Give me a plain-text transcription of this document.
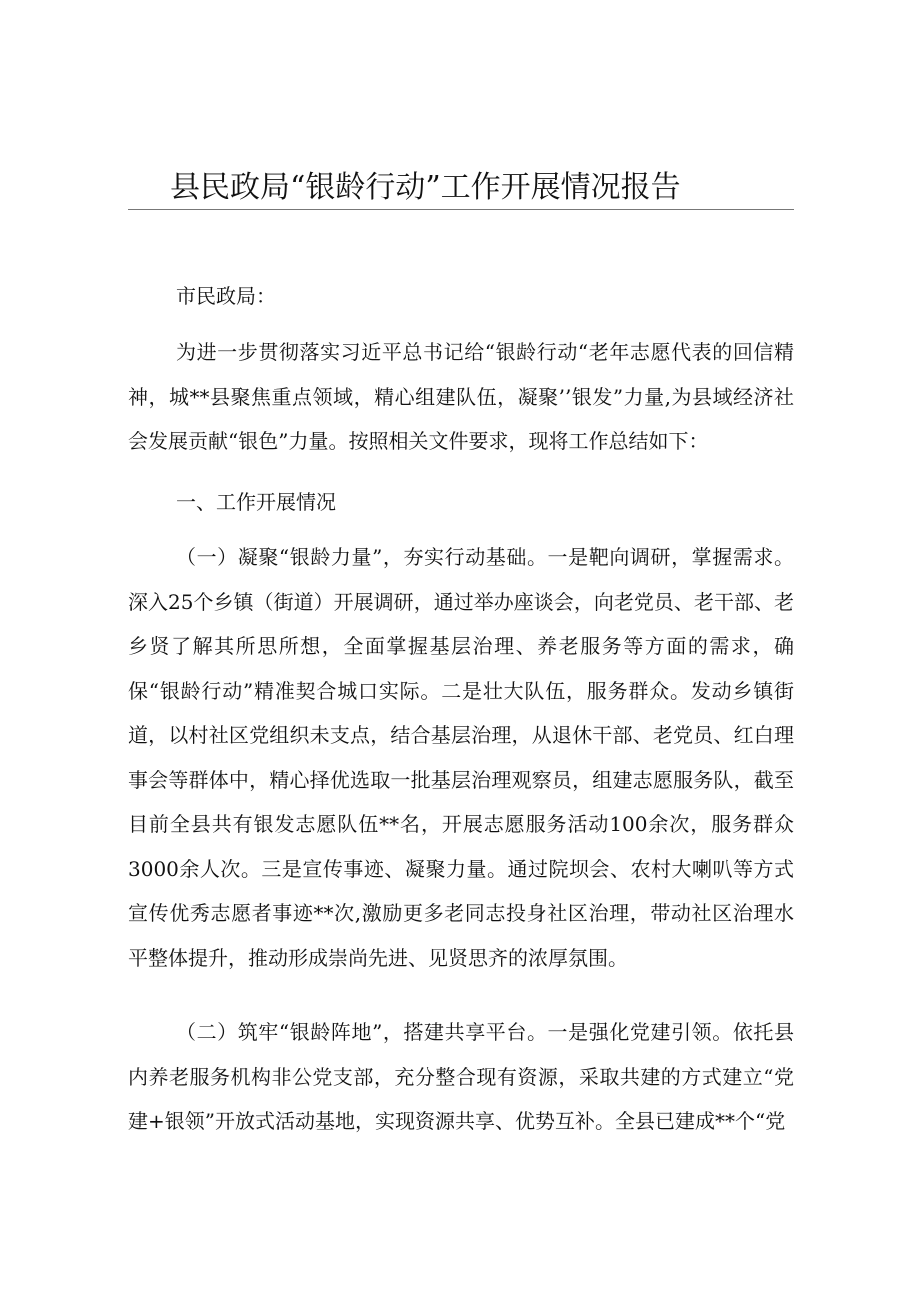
县民政局“银龄行动”工作开展情况报告

市民政局：

为进一步贯彻落实习近平总书记给“银龄行动“老年志愿代表的回信精神，城**县聚焦重点领域，精心组建队伍，凝聚’’银发”力量,为县域经济社会发展贡献“银色”力量。按照相关文件要求，现将工作总结如下：

一、工作开展情况

（一）凝聚“银龄力量”，夯实行动基础。一是靶向调研，掌握需求。深入25个乡镇（街道）开展调研，通过举办座谈会，向老党员、老干部、老乡贤了解其所思所想，全面掌握基层治理、养老服务等方面的需求，确保“银龄行动”精准契合城口实际。二是壮大队伍，服务群众。发动乡镇街道，以村社区党组织未支点，结合基层治理，从退休干部、老党员、红白理事会等群体中，精心择优选取一批基层治理观察员，组建志愿服务队，截至目前全县共有银发志愿队伍**名，开展志愿服务活动100余次，服务群众3000余人次。三是宣传事迹、凝聚力量。通过院坝会、农村大喇叭等方式宣传优秀志愿者事迹**次,激励更多老同志投身社区治理，带动社区治理水平整体提升，推动形成崇尚先进、见贤思齐的浓厚氛围。

（二）筑牢“银龄阵地”，搭建共享平台。一是强化党建引领。依托县内养老服务机构非公党支部，充分整合现有资源，采取共建的方式建立“党建+银领”开放式活动基地，实现资源共享、优势互补。全县已建成**个“党
